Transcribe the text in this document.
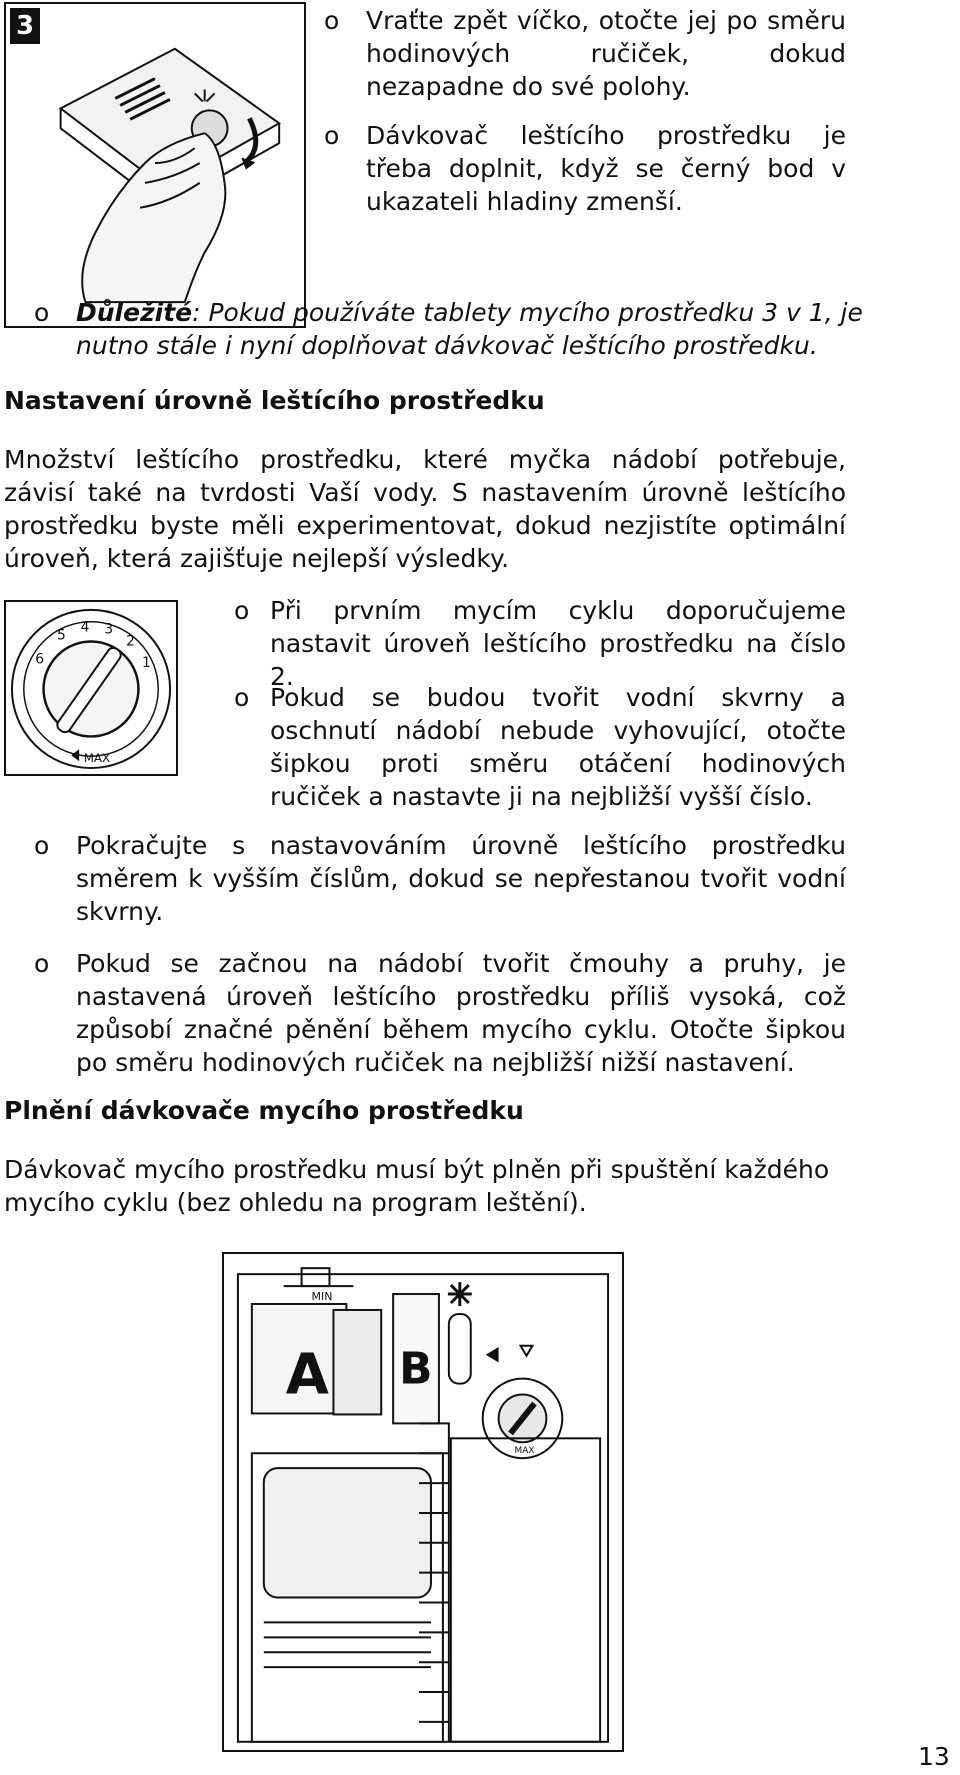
3	o Vraťte zpět víčko, otočte jej po směru hodinových ručiček, dokud nezapadne do své polohy.
o Dávkovač leštícího prostředku je třeba doplnit, když se černý bod v ukazateli hladiny zmenší.
o Důležité: Pokud používáte tablety mycího prostředku 3 v 1, je nutno stále i nyní doplňovat dávkovač leštícího prostředku.
Nastavení úrovně leštícího prostředku
Množství leštícího prostředku, které myčka nádobí potřebuje, závisí také na tvrdosti Vaší vody. S nastavením úrovně leštícího prostředku byste měli experimentovat, dokud nezjistíte optimální úroveň, která zajišťuje nejlepší výsledky.
6
5 4 3
2
1
MAX
o Při prvním mycím cyklu doporučujeme nastavit úroveň leštícího prostředku na číslo 2.
o Pokud se budou tvořit vodní skvrny a oschnutí nádobí nebude vyhovující, otočte šipkou proti směru otáčení hodinových ručiček a nastavte ji na nejbližší vyšší číslo.
o Pokračujte s nastavováním úrovně leštícího prostředku směrem k vyšším číslům, dokud se nepřestanou tvořit vodní skvrny.
o Pokud se začnou na nádobí tvořit čmouhy a pruhy, je nastavená úroveň leštícího prostředku příliš vysoká, což způsobí značné pěnění během mycího cyklu. Otočte šipkou po směru hodinových ručiček na nejbližší nižší nastavení.
Plnění dávkovače mycího prostředku
Dávkovač mycího prostředku musí být plněn při spuštění každého mycího cyklu (bez ohledu na program leštění).
A B
MIN
MAX
13
